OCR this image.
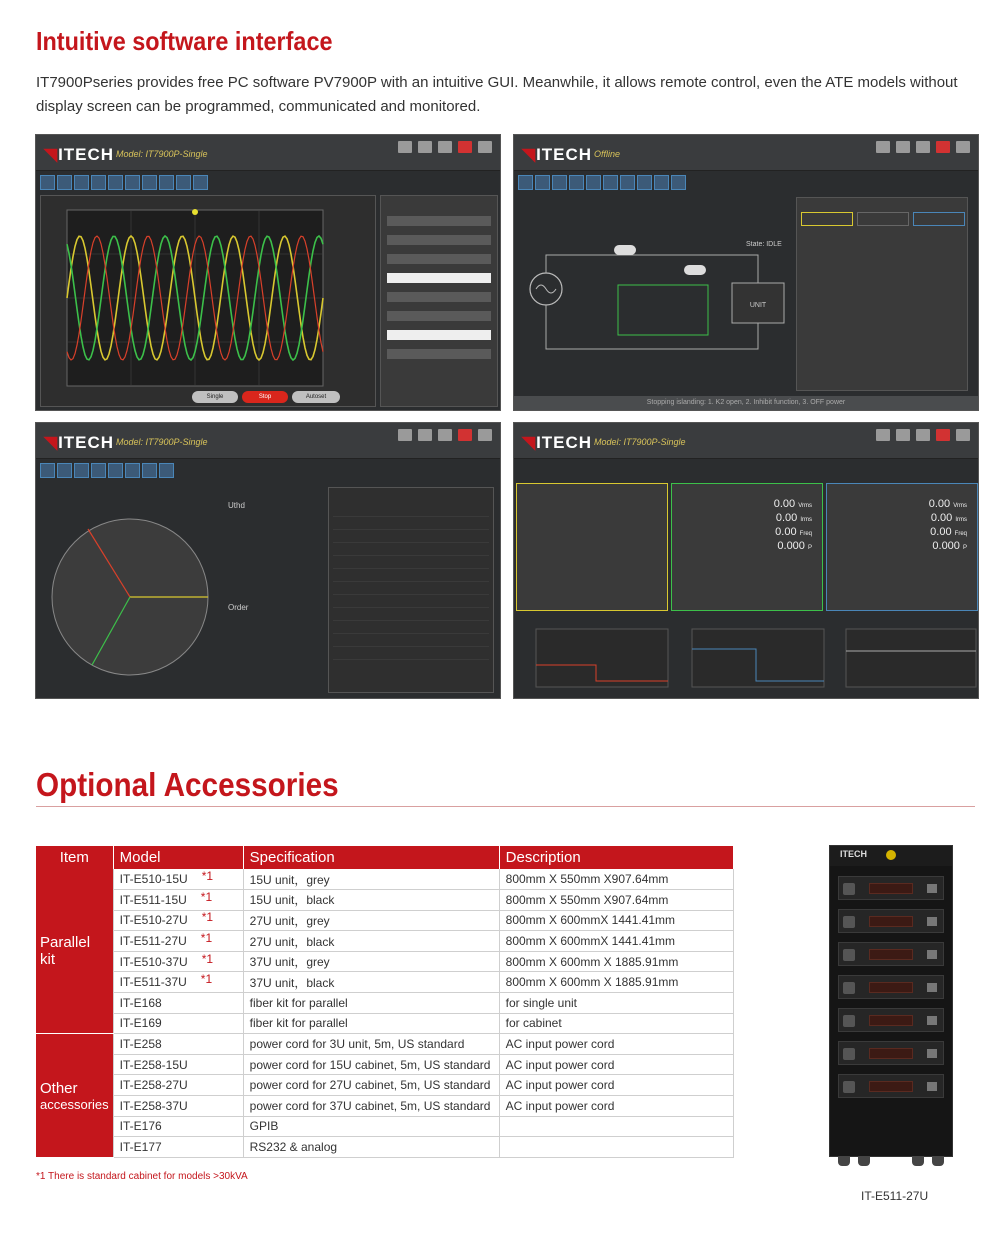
Intuitive software interface
IT7900Pseries provides free PC software PV7900P with an intuitive GUI. Meanwhile, it allows remote control, even the ATE models without display screen can be programmed, communicated and monitored.
◥ITECH Model: IT7900P-Single
Single	Stop	Autoset
◥ITECH Offline
UNIT
State: IDLE
Stopping islanding: 1. K2 open, 2. Inhibit function, 3. OFF power
◥ITECH Model: IT7900P-Single
Uthd
Order
◥ITECH Model: IT7900P-Single
0.00 Vrms
0.00 Irms
0.00 Freq
0.000 P
0.00 Vrms
0.00 Irms
0.00 Freq
0.000 P
Optional Accessories
Item	Model	Specification	Description
Parallel kit	IT-E510-15U *1	15U unit，grey	800mm X 550mm X907.64mm
	IT-E511-15U *1	15U unit，black	800mm X 550mm X907.64mm
	IT-E510-27U *1	27U unit，grey	800mm X 600mmX 1441.41mm
	IT-E511-27U *1	27U unit，black	800mm X 600mmX 1441.41mm
	IT-E510-37U *1	37U unit，grey	800mm X 600mm X 1885.91mm
	IT-E511-37U *1	37U unit，black	800mm X 600mm X 1885.91mm
	IT-E168	fiber kit for parallel	for single unit
	IT-E169	fiber kit for parallel	for cabinet

Other
accessories	IT-E258	power cord for 3U unit, 5m, US standard	AC input power cord
	IT-E258-15U	power cord for 15U cabinet, 5m, US standard	AC input power cord
	IT-E258-27U	power cord for 27U cabinet, 5m, US standard	AC input power cord
	IT-E258-37U	power cord for 37U cabinet, 5m, US standard	AC input power cord
	IT-E176	GPIB	
	IT-E177	RS232 & analog	
*1 There is standard cabinet for models >30kVA
ITECH
IT-E511-27U
